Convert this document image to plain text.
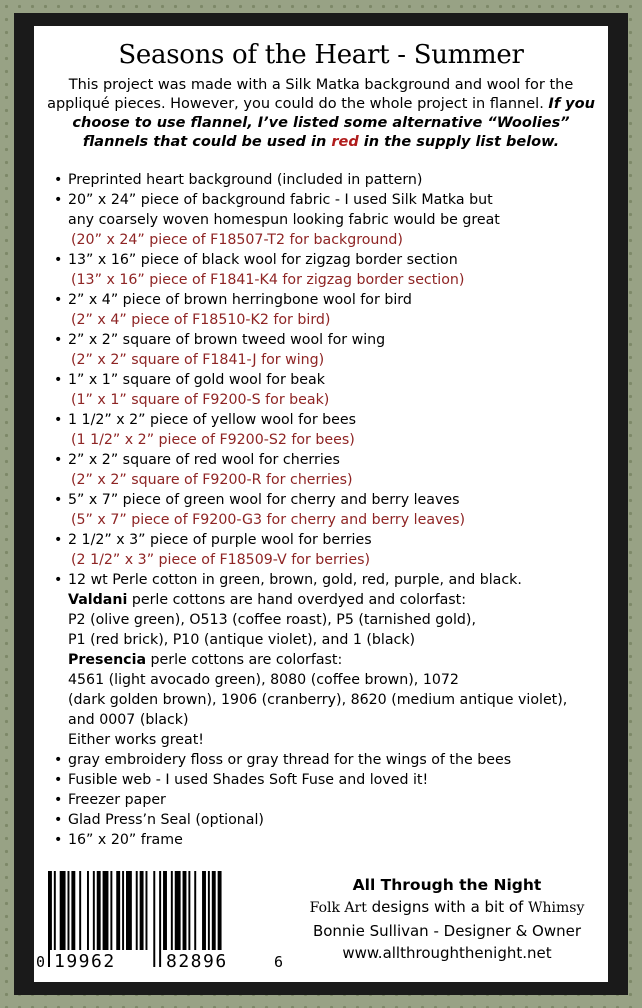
Seasons of the Heart - Summer
This project was made with a Silk Matka background and wool for the appliqué pieces. However, you could do the whole project in flannel. If you choose to use flannel, I’ve listed some alternative “Woolies” flannels that could be used in red in the supply list below.
• Preprinted heart background (included in pattern)
• 20” x 24” piece of background fabric - I used Silk Matka but
any coarsely woven homespun looking fabric would be great
(20” x 24” piece of F18507-T2 for background)
• 13” x 16” piece of black wool for zigzag border section
(13” x 16” piece of F1841-K4 for zigzag border section)
• 2” x 4” piece of brown herringbone wool for bird
(2” x 4” piece of F18510-K2 for bird)
• 2” x 2” square of brown tweed wool for wing
(2” x 2” square of F1841-J for wing)
• 1” x 1” square of gold wool for beak
(1” x 1” square of F9200-S for beak)
• 1 1/2” x 2” piece of yellow wool for bees
(1 1/2” x 2” piece of F9200-S2 for bees)
• 2” x 2” square of red wool for cherries
(2” x 2” square of F9200-R for cherries)
• 5” x 7” piece of green wool for cherry and berry leaves
(5” x 7” piece of F9200-G3 for cherry and berry leaves)
• 2 1/2” x 3” piece of purple wool for berries
(2 1/2” x 3” piece of F18509-V for berries)
• 12 wt Perle cotton in green, brown, gold, red, purple, and black.
Valdani perle cottons are hand overdyed and colorfast:
P2 (olive green), O513 (coffee roast), P5 (tarnished gold),
P1 (red brick), P10 (antique violet), and 1 (black)
Presencia perle cottons are colorfast:
4561 (light avocado green), 8080 (coffee brown), 1072
(dark golden brown), 1906 (cranberry), 8620 (medium antique violet),
and 0007 (black)
Either works great!
• gray embroidery floss or gray thread for the wings of the bees
• Fusible web - I used Shades Soft Fuse and loved it!
• Freezer paper
• Glad Press’n Seal (optional)
• 16” x 20” frame
0 19962	82896	6
All Through the Night
Folk Art designs with a bit of Whimsy
Bonnie Sullivan - Designer & Owner
www.allthroughthenight.net
